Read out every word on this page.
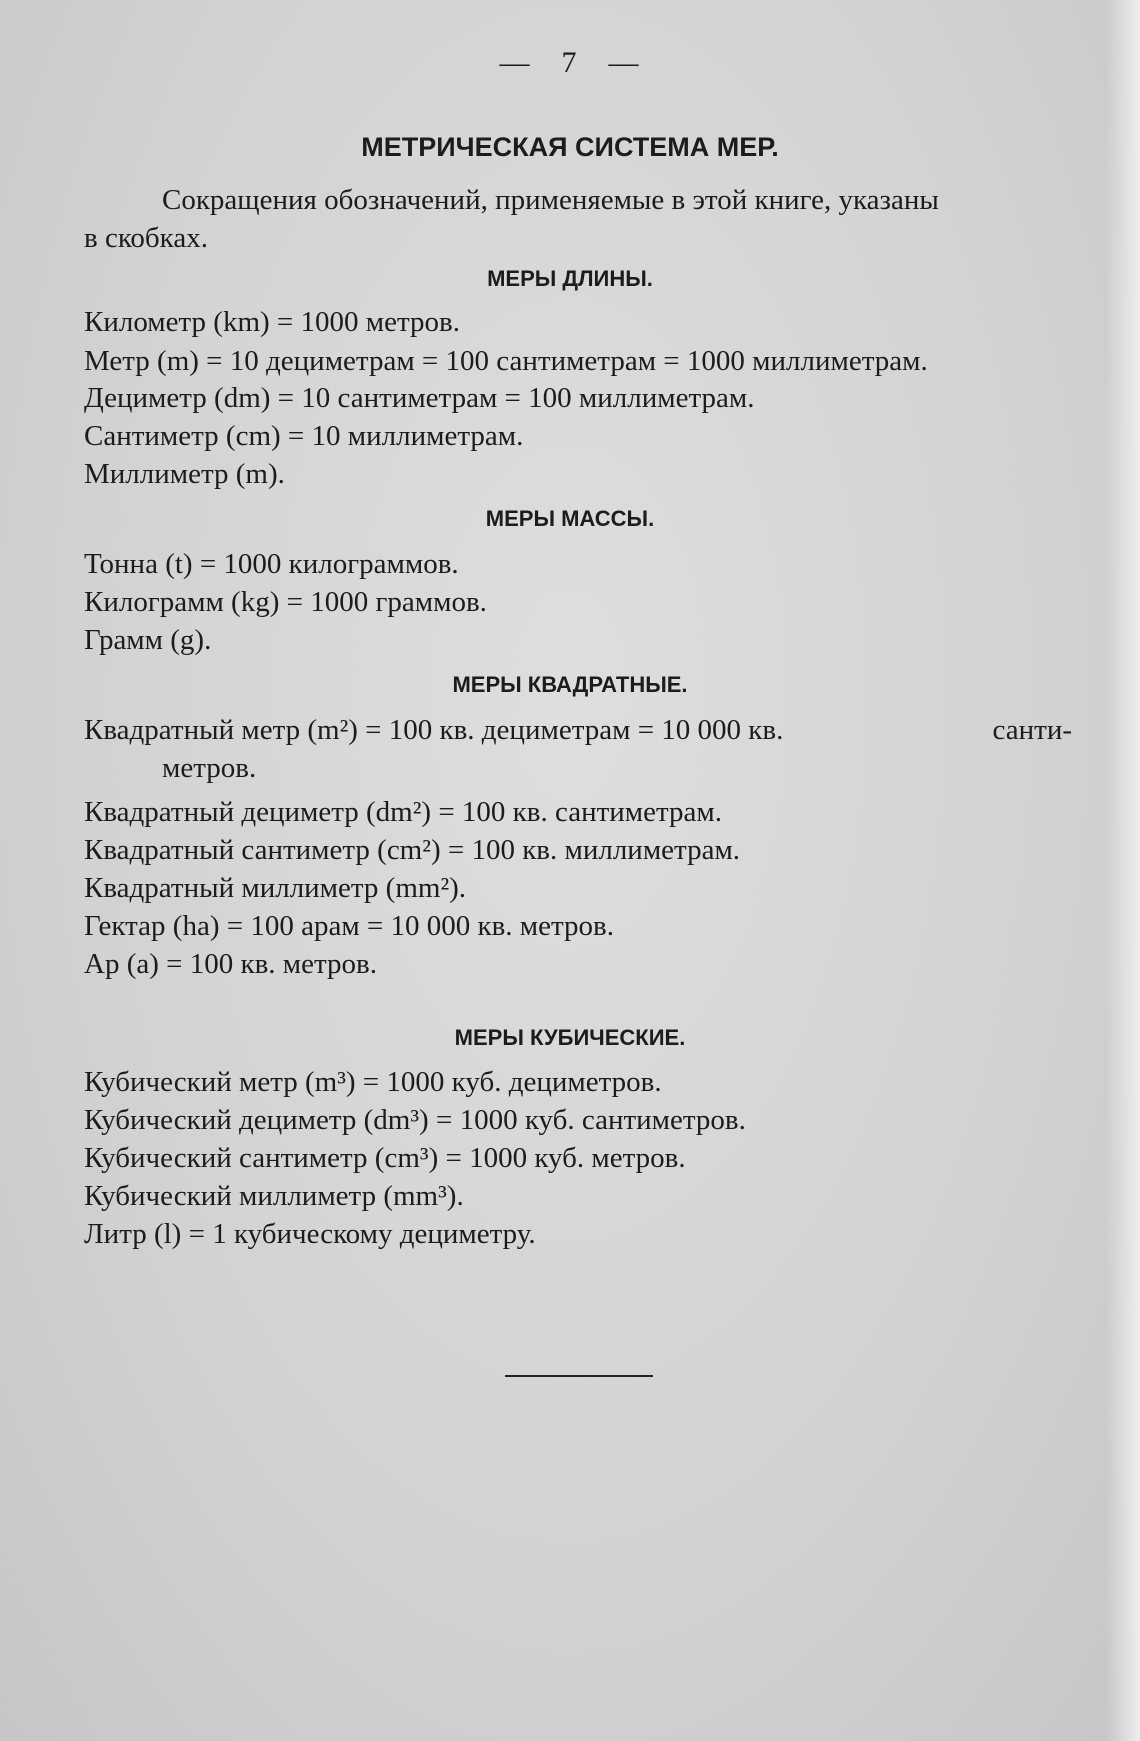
— 7 —
МЕТРИЧЕСКАЯ СИСТЕМА МЕР.
Сокращения обозначений, применяемые в этой книге, указаны
в скобках.
МЕРЫ ДЛИНЫ.
Километр (km) = 1000 метров.
Метр (m) = 10 дециметрам = 100 сантиметрам = 1000 миллиметрам.
Дециметр (dm) = 10 сантиметрам = 100 миллиметрам.
Сантиметр (cm) = 10 миллиметрам.
Миллиметр (m).
МЕРЫ МАССЫ.
Тонна (t) = 1000 килограммов.
Килограмм (kg) = 1000 граммов.
Грамм (g).
МЕРЫ КВАДРАТНЫЕ.
Квадратный метр (m²) = 100 кв. дециметрам = 10 000 кв.	санти-
метров.
Квадратный дециметр (dm²) = 100 кв. сантиметрам.
Квадратный сантиметр (cm²) = 100 кв. миллиметрам.
Квадратный миллиметр (mm²).
Гектар (ha) = 100 арам = 10 000 кв. метров.
Ар (a) = 100 кв. метров.
МЕРЫ КУБИЧЕСКИЕ.
Кубический метр (m³) = 1000 куб. дециметров.
Кубический дециметр (dm³) = 1000 куб. сантиметров.
Кубический сантиметр (cm³) = 1000 куб. метров.
Кубический миллиметр (mm³).
Литр (l) = 1 кубическому дециметру.
